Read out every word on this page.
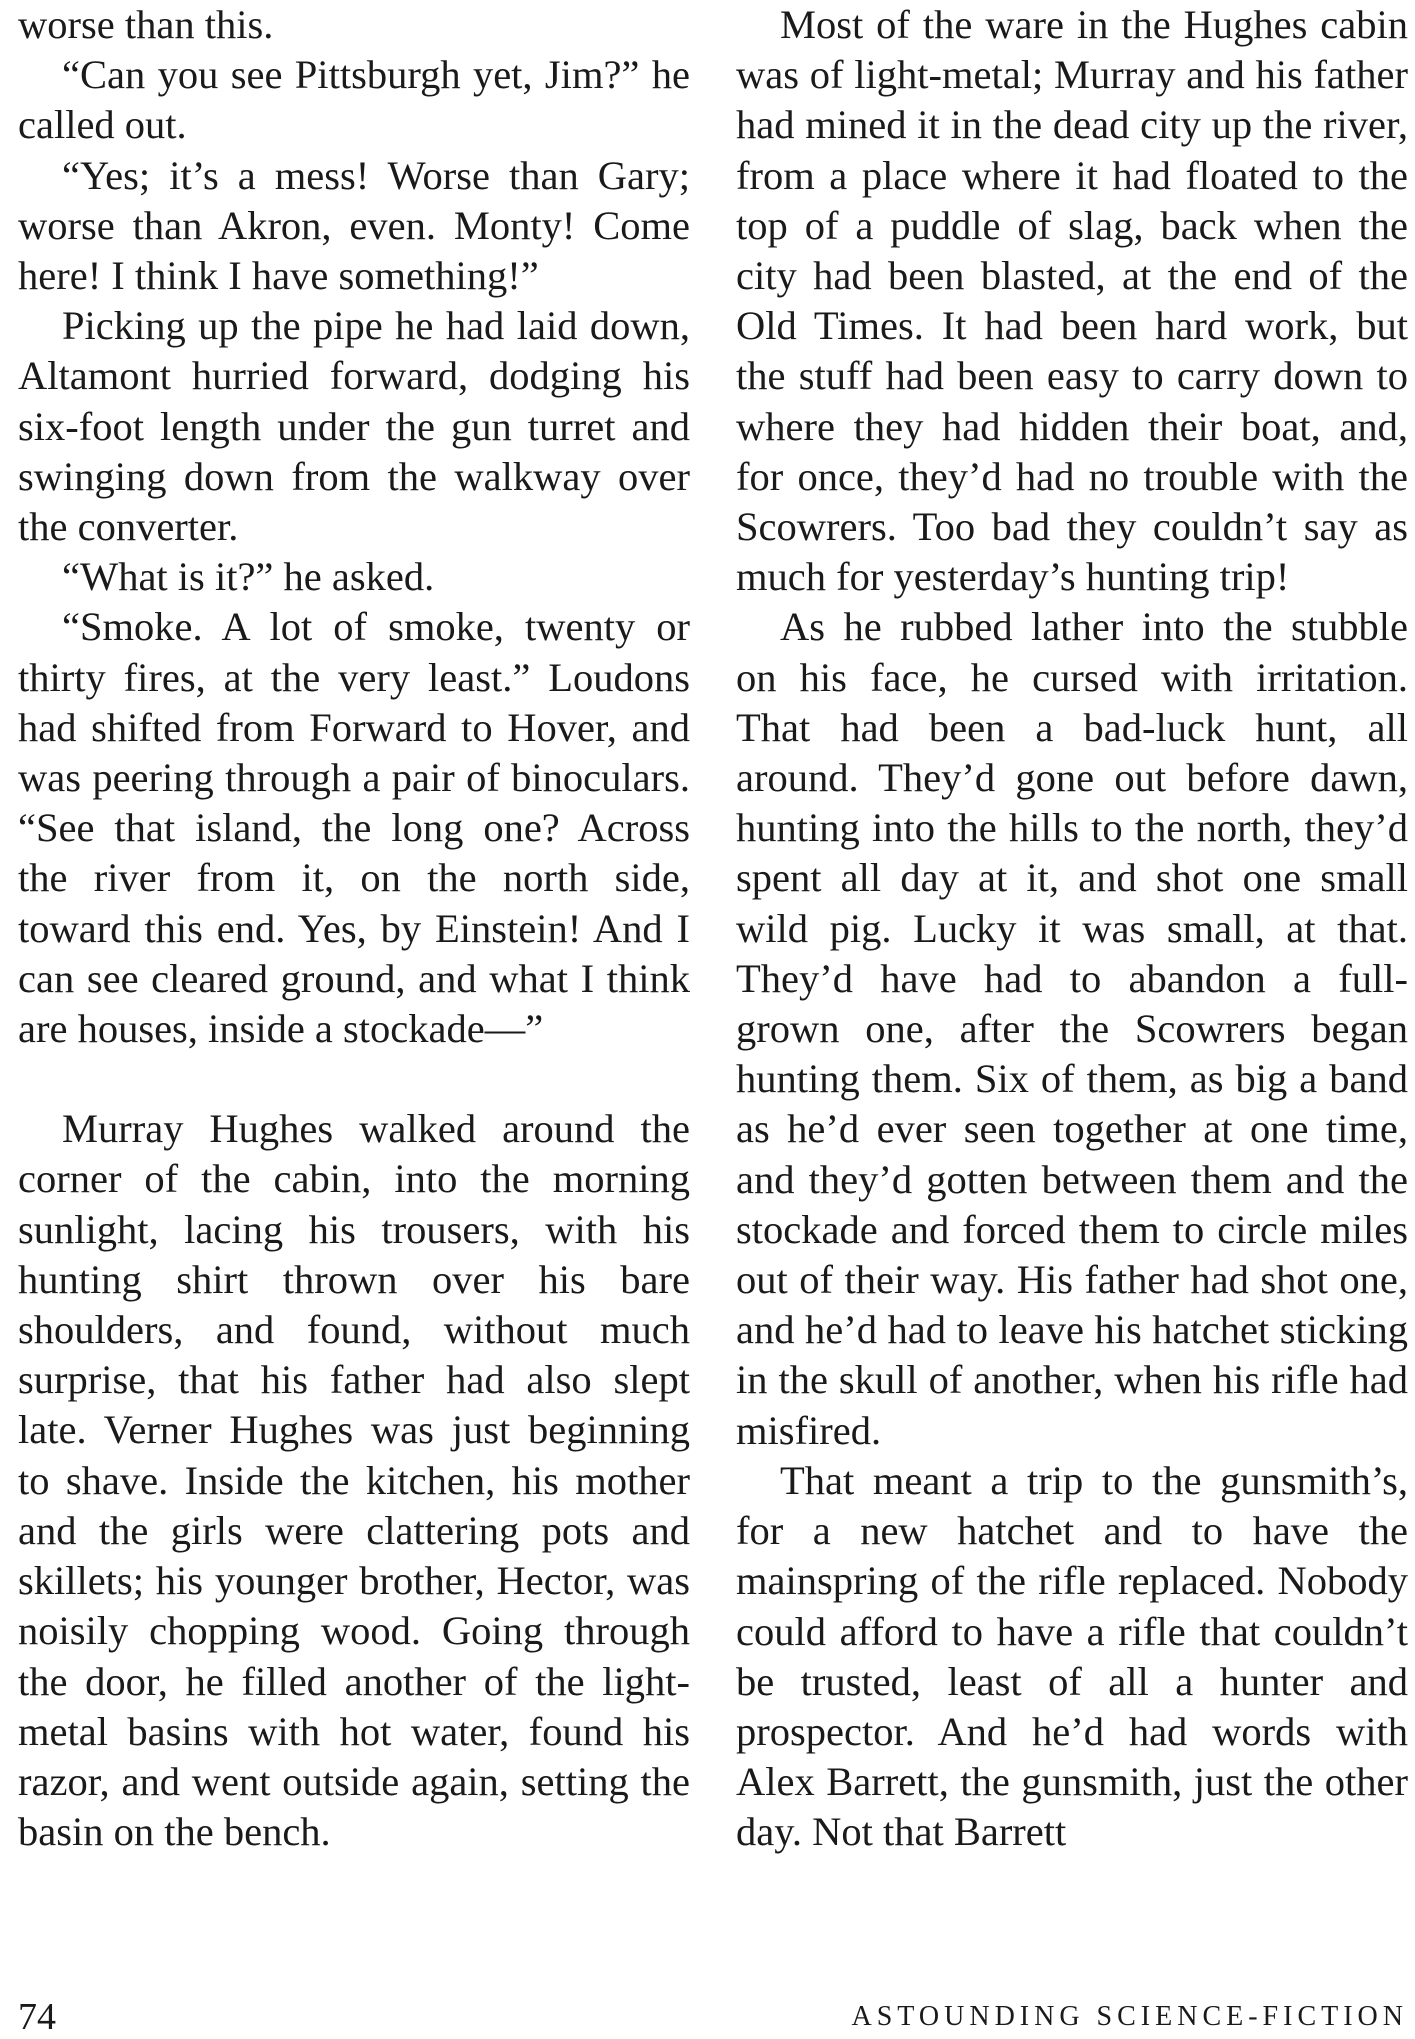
worse than this.

“Can you see Pittsburgh yet, Jim?” he called out.

“Yes; it’s a mess! Worse than Gary; worse than Akron, even. Monty! Come here! I think I have something!”

Picking up the pipe he had laid down, Altamont hurried forward, dodging his six-foot length under the gun turret and swinging down from the walkway over the converter.

“What is it?” he asked.

“Smoke. A lot of smoke, twenty or thirty fires, at the very least.” Loudons had shifted from Forward to Hover, and was peering through a pair of binoculars. “See that island, the long one? Across the river from it, on the north side, toward this end. Yes, by Einstein! And I can see cleared ground, and what I think are houses, inside a stockade—”

Murray Hughes walked around the corner of the cabin, into the morning sunlight, lacing his trousers, with his hunting shirt thrown over his bare shoulders, and found, without much surprise, that his father had also slept late. Verner Hughes was just beginning to shave. Inside the kitchen, his mother and the girls were clattering pots and skillets; his younger brother, Hector, was noisily chopping wood. Going through the door, he filled another of the light-metal basins with hot water, found his razor, and went outside again, setting the basin on the bench.

Most of the ware in the Hughes cabin was of light-metal; Murray and his father had mined it in the dead city up the river, from a place where it had floated to the top of a puddle of slag, back when the city had been blasted, at the end of the Old Times. It had been hard work, but the stuff had been easy to carry down to where they had hidden their boat, and, for once, they’d had no trouble with the Scowrers. Too bad they couldn’t say as much for yesterday’s hunting trip!

As he rubbed lather into the stubble on his face, he cursed with irritation. That had been a bad-luck hunt, all around. They’d gone out before dawn, hunting into the hills to the north, they’d spent all day at it, and shot one small wild pig. Lucky it was small, at that. They’d have had to abandon a full-grown one, after the Scowrers began hunting them. Six of them, as big a band as he’d ever seen together at one time, and they’d gotten between them and the stockade and forced them to circle miles out of their way. His father had shot one, and he’d had to leave his hatchet sticking in the skull of another, when his rifle had misfired.

That meant a trip to the gunsmith’s, for a new hatchet and to have the mainspring of the rifle replaced. Nobody could afford to have a rifle that couldn’t be trusted, least of all a hunter and prospector. And he’d had words with Alex Barrett, the gunsmith, just the other day. Not that Barrett

74	ASTOUNDING SCIENCE-FICTION
